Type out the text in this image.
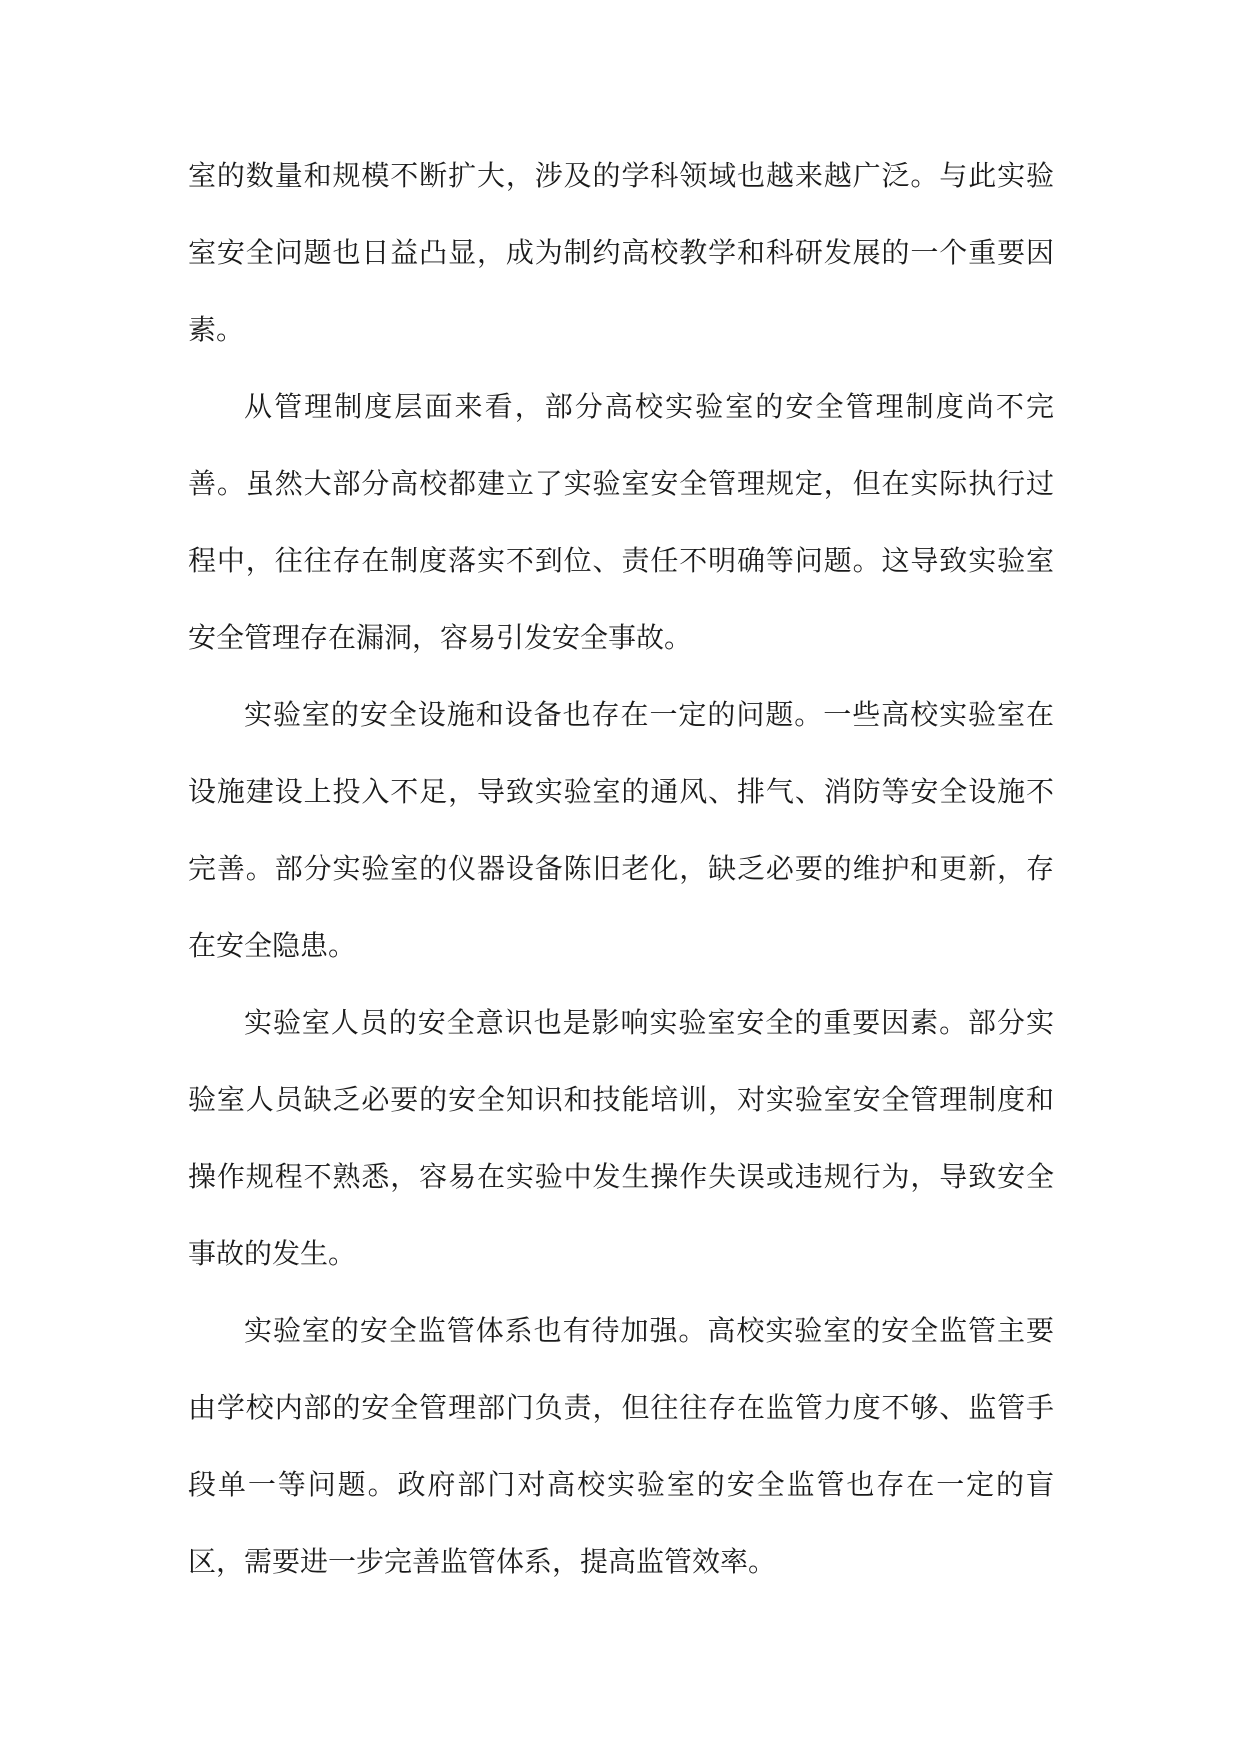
室的数量和规模不断扩大，涉及的学科领域也越来越广泛。与此实验室安全问题也日益凸显，成为制约高校教学和科研发展的一个重要因素。

从管理制度层面来看，部分高校实验室的安全管理制度尚不完善。虽然大部分高校都建立了实验室安全管理规定，但在实际执行过程中，往往存在制度落实不到位、责任不明确等问题。这导致实验室安全管理存在漏洞，容易引发安全事故。

实验室的安全设施和设备也存在一定的问题。一些高校实验室在设施建设上投入不足，导致实验室的通风、排气、消防等安全设施不完善。部分实验室的仪器设备陈旧老化，缺乏必要的维护和更新，存在安全隐患。

实验室人员的安全意识也是影响实验室安全的重要因素。部分实验室人员缺乏必要的安全知识和技能培训，对实验室安全管理制度和操作规程不熟悉，容易在实验中发生操作失误或违规行为，导致安全事故的发生。

实验室的安全监管体系也有待加强。高校实验室的安全监管主要由学校内部的安全管理部门负责，但往往存在监管力度不够、监管手段单一等问题。政府部门对高校实验室的安全监管也存在一定的盲区，需要进一步完善监管体系，提高监管效率。
